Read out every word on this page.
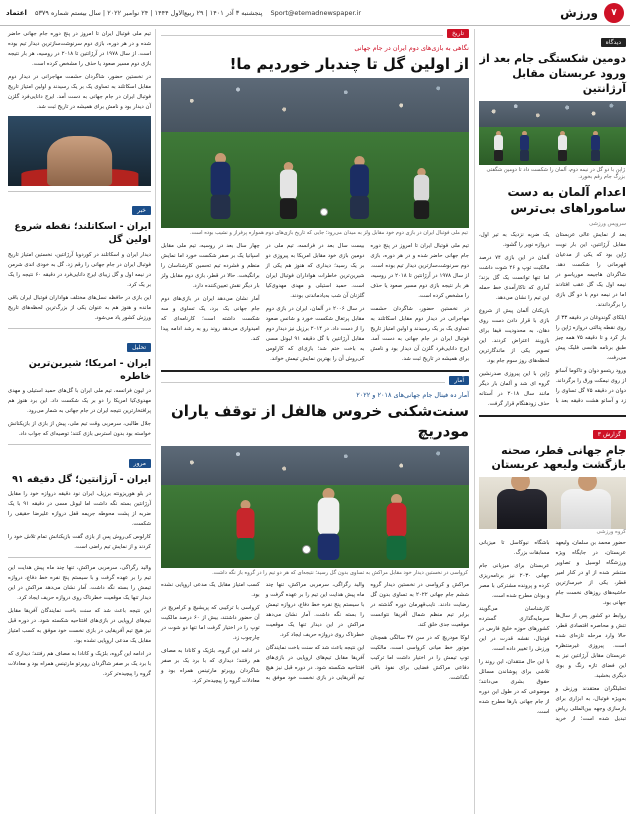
۷
ورزش
Sport@etemadnewspaper.ir
پنجشنبه ۳ آذر ۱۴۰۱ | ۲۹ ربیع‌الاول ۱۴۴۴ | ۲۴ نوامبر ۲۰۲۲ | سال بیستم شماره ۵۳۷۹
اعتماد
دیدگاه
دومین شکستگی جام بعد از ورود عربستان مقابل آرژانتین
ژاپن با دو گل در نیمه دوم، آلمان را شکست داد تا دومین شگفتی بزرگ جام رقم بخورد.
اعدام آلمان به دست ساموراهای بی‌ترس
سرویس ورزشی

بعد از نمایش عالی عربستان مقابل آرژانتین، این بار نوبت ژاپن بود که یکی از مدعیان قهرمانی را شکست دهد. شاگردان هاجیمه موریاسو در نیمه اول یک گل عقب افتادند اما در نیمه دوم با دو گل بازی را برگرداندند.

ایلکای گوندوغان در دقیقه ۳۳ از روی نقطه پنالتی دروازه ژاپن را باز کرد و تا دقیقه ۷۵ همه چیز طبق برنامه هانسی فلیک پیش می‌رفت.

ورود ریتسو دوان و تاکوما آسانو از روی نیمکت ورق را برگرداند. دوان در دقیقه ۷۵ گل تساوی را زد و آسانو هشت دقیقه بعد با یک ضربه نزدیک به تیر اول، دروازه نویر را گشود.

آلمان در این بازی ۷۴ درصد مالکیت توپ و ۲۶ شوت داشت اما تنها توانست یک گل بزند؛ آماری که ناکارآمدی خط حمله این تیم را نشان می‌دهد.

بازیکنان آلمان پیش از شروع بازی با قرار دادن دست روی دهان، به محدودیت فیفا برای بازوبند اعتراض کردند. این تصویر یکی از ماندگارترین لحظه‌های روز سوم جام بود.

ژاپن با این پیروزی صدرنشین گروه ای شد و آلمان بار دیگر مانند سال ۲۰۱۸ در آستانه حذف زودهنگام قرار گرفت.

گزارش ۳
جام جهانی قطر، صحنه بازگشت ولیعهد عربستان
گروه ورزشی

حضور محمد بن سلمان، ولیعهد عربستان، در جایگاه ویژه ورزشگاه لوسیل و تصاویر منتشر شده از او در کنار امیر قطر، یکی از خبرسازترین حاشیه‌های روزهای نخست جام جهانی بود.

روابط دو کشور پس از سال‌ها تنش و محاصره اقتصادی قطر، حالا وارد مرحله تازه‌ای شده است. پیروزی غیرمنتظره عربستان مقابل آرژانتین نیز به این فضای تازه رنگ و بوی دیگری بخشید.

تحلیلگران معتقدند ورزش و به‌ویژه فوتبال، به ابزاری برای بازسازی وجهه بین‌المللی ریاض تبدیل شده است؛ از خرید باشگاه نیوکاسل تا میزبانی مسابقات بزرگ.

عربستان برای میزبانی جام جهانی ۲۰۳۰ نیز برنامه‌ریزی کرده و پرونده مشترکی با مصر و یونان مطرح شده است.

کارشناسان می‌گویند سرمایه‌گذاری گسترده کشورهای حوزه خلیج فارس در فوتبال، نقشه قدرت در این ورزش را تغییر داده است.

با این حال منتقدان، این روند را تلاشی برای پوشاندن مسائل حقوق بشری می‌دانند؛ موضوعی که در طول این دوره از جام جهانی بارها مطرح شده است.

تاریخ
نگاهی به بازی‌های دوم ایران در جام جهانی
از اولین گل تا چندبار خوردیم ما!
تیم ملی فوتبال ایران در بازی دوم خود مقابل ولز به میدان می‌رود؛ جایی که تاریخ بازی‌های دوم همواره پرفراز و نشیب بوده است.

تیم ملی فوتبال ایران تا امروز در پنج دوره جام جهانی حاضر شده و در هر دوره، بازی دوم سرنوشت‌سازترین دیدار تیم بوده است. از سال ۱۹۷۸ در آرژانتین تا ۲۰۱۸ در روسیه، هر بار نتیجه بازی دوم مسیر صعود یا حذف را مشخص کرده است.

در نخستین حضور، شاگردان حشمت مهاجرانی در دیدار دوم مقابل اسکاتلند به تساوی یک بر یک رسیدند و اولین امتیاز تاریخ فوتبال ایران در جام جهانی به دست آمد. ایرج دانایی‌فرد گلزن آن دیدار بود و نامش برای همیشه در تاریخ ثبت شد.

بیست سال بعد در فرانسه، تیم ملی در دومین بازی خود مقابل امریکا به پیروزی دو بر یک رسید؛ دیداری که هنوز هم یکی از شیرین‌ترین خاطرات هواداران فوتبال ایران است. حمید استیلی و مهدی مهدوی‌کیا گلزنان آن شب به‌یادماندنی بودند.

در سال ۲۰۰۶ در آلمان، ایران در بازی دوم مقابل پرتغال شکست خورد و شانس صعود را از دست داد. در ۲۰۱۴ برزیل نیز دیدار دوم مقابل آرژانتین با گل دقیقه ۹۱ لیونل مسی به باخت ختم شد؛ بازی‌ای که کارلوس کی‌روش آن را بهترین نمایش تیمش خواند.

چهار سال بعد در روسیه، تیم ملی مقابل اسپانیا یک بر صفر شکست خورد اما نمایش منظم و فشرده تیم تحسین کارشناسان را برانگیخت. حالا در قطر، بازی دوم مقابل ولز بار دیگر نقش تعیین‌کننده دارد.

آمار نشان می‌دهد ایران در بازی‌های دوم جام جهانی یک برد، یک تساوی و سه شکست داشته است؛ کارنامه‌ای که امیدواری می‌دهد روند رو به رشد ادامه پیدا کند.

آمار
آمار ده فینال جام جهانی‌های ۲۰۱۸ و ۲۰۲۲
سنت‌شکنی خروس هالفل از توقف یاران مودریچ
کرواسی در نخستین دیدار خود مقابل مراکش به تساوی بدون گل رسید؛ نتیجه‌ای که هر دو تیم را در گروه باز نگه داشت.

مراکش و کرواسی در نخستین دیدار گروه ششم جام جهانی ۲۰۲۲ به تساوی بدون گل رضایت دادند. نایب‌قهرمان دوره گذشته در برابر تیم منظم شمال آفریقا نتوانست موقعیت جدی خلق کند.

لوکا مودریچ که در سن ۳۷ سالگی همچنان موتور خط میانی کرواسی است، مالکیت توپ تیمش را در اختیار داشت اما ترکیب دفاعی مراکش فضایی برای نفوذ باقی نگذاشت.

والید رگراگی، سرمربی مراکش، تنها چند ماه پیش هدایت این تیم را بر عهده گرفت و با سیستم پنج نفره خط دفاع، دروازه تیمش را بسته نگه داشت. آمار نشان می‌دهد مراکش در این دیدار تنها یک موقعیت خطرناک روی دروازه حریف ایجاد کرد.

این نتیجه باعث شد که سنت باخت نمایندگان آفریقا مقابل تیم‌های اروپایی در بازی‌های افتتاحیه شکسته شود. در دوره قبل نیز هیچ تیم آفریقایی در بازی نخست خود موفق به کسب امتیاز مقابل یک مدعی اروپایی نشده بود.

کرواسی با ترکیبی که پریشیچ و کرامریچ در آن حضور داشتند، بیش از ۶۰ درصد مالکیت توپ را در اختیار گرفت اما تنها دو شوت در چارچوب زد.

در ادامه این گروه، بلژیک و کانادا به مصاف هم رفتند؛ دیداری که با برد یک بر صفر شاگردان روبرتو مارتینس همراه بود و معادلات گروه را پیچیده‌تر کرد.

تیم ملی فوتبال ایران تا امروز در پنج دوره جام جهانی حاضر شده و در هر دوره، بازی دوم سرنوشت‌سازترین دیدار تیم بوده است. از سال ۱۹۷۸ در آرژانتین تا ۲۰۱۸ در روسیه، هر بار نتیجه بازی دوم مسیر صعود یا حذف را مشخص کرده است.

در نخستین حضور، شاگردان حشمت مهاجرانی در دیدار دوم مقابل اسکاتلند به تساوی یک بر یک رسیدند و اولین امتیاز تاریخ فوتبال ایران در جام جهانی به دست آمد. ایرج دانایی‌فرد گلزن آن دیدار بود و نامش برای همیشه در تاریخ ثبت شد.

خبر
ایران - اسکاتلند؛ نقطه شروع اولین گل

دیدار ایران و اسکاتلند در کوردوبا آرژانتین، نخستین امتیاز تاریخ فوتبال ایران در جام جهانی را رقم زد. گل به خودی اندی شرمن در نیمه اول و گل زیبای ایرج دانایی‌فرد در دقیقه ۶۰ نتیجه را یک بر یک کرد.

این بازی در حافظه نسل‌های مختلف هواداران فوتبال ایران باقی مانده و هنوز هم به عنوان یکی از بزرگ‌ترین لحظه‌های تاریخ ورزش کشور یاد می‌شود.

تحلیل
ایران - امریکا؛ شیرین‌ترین خاطره

در لیون فرانسه، تیم ملی ایران با گل‌های حمید استیلی و مهدی مهدوی‌کیا امریکا را دو بر یک شکست داد. این برد هنوز هم پرافتخارترین نتیجه ایران در جام جهانی به شمار می‌رود.

جلال طالبی، سرمربی وقت تیم ملی، پیش از بازی از بازیکنانش خواسته بود بدون استرس بازی کنند؛ توصیه‌ای که جواب داد.

مرور
ایران - آرژانتین؛ گل دقیقه ۹۱

در بلو هوریزونته برزیل، ایران نود دقیقه دروازه خود را مقابل آرژانتین بسته نگه داشت اما لیونل مسی در دقیقه ۹۱ با یک ضربه از پشت محوطه جریمه قفل دروازه علیرضا حقیقی را شکست.

کارلوس کی‌روش پس از بازی گفت بازیکنانش تمام تلاش خود را کردند و از نمایش تیم راضی است.

والید رگراگی، سرمربی مراکش، تنها چند ماه پیش هدایت این تیم را بر عهده گرفت و با سیستم پنج نفره خط دفاع، دروازه تیمش را بسته نگه داشت. آمار نشان می‌دهد مراکش در این دیدار تنها یک موقعیت خطرناک روی دروازه حریف ایجاد کرد.

این نتیجه باعث شد که سنت باخت نمایندگان آفریقا مقابل تیم‌های اروپایی در بازی‌های افتتاحیه شکسته شود. در دوره قبل نیز هیچ تیم آفریقایی در بازی نخست خود موفق به کسب امتیاز مقابل یک مدعی اروپایی نشده بود.

در ادامه این گروه، بلژیک و کانادا به مصاف هم رفتند؛ دیداری که با برد یک بر صفر شاگردان روبرتو مارتینس همراه بود و معادلات گروه را پیچیده‌تر کرد.
